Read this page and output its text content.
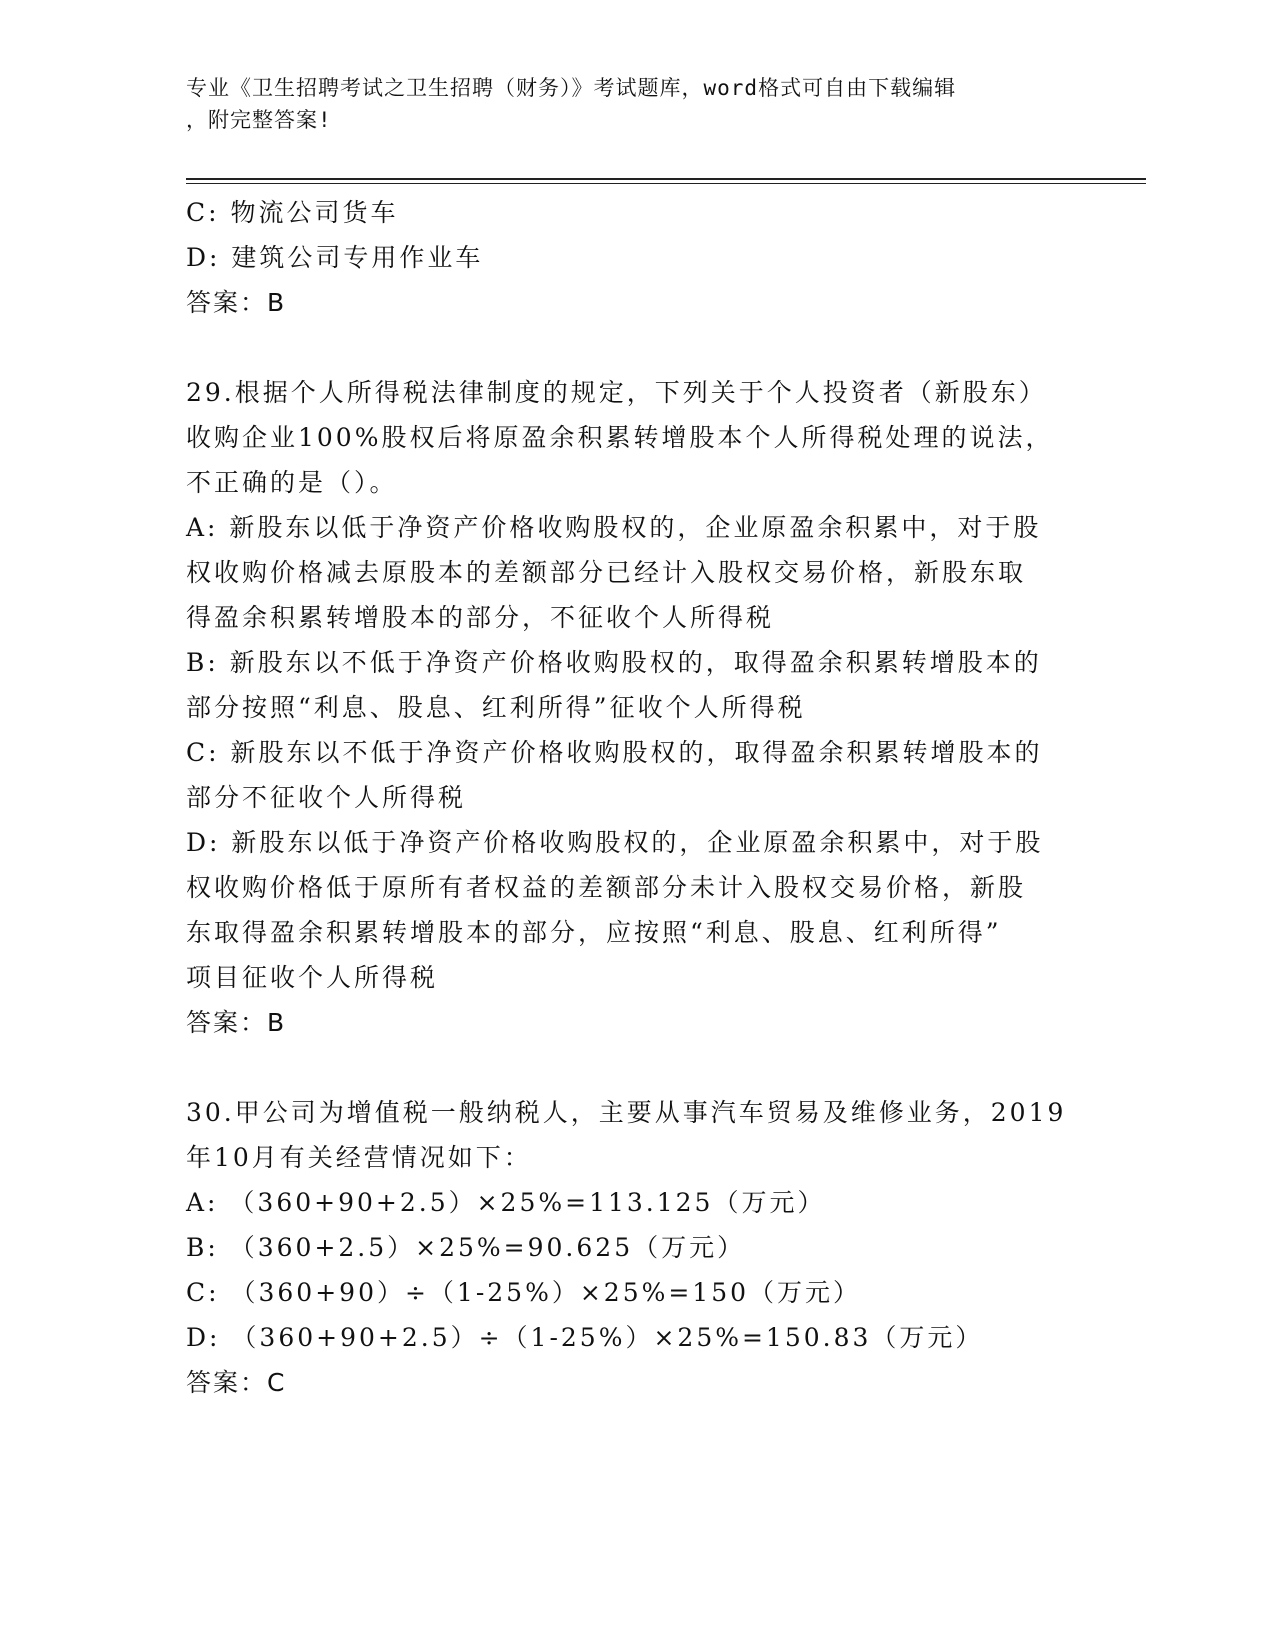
专业《卫生招聘考试之卫生招聘（财务）》考试题库，word格式可自由下载编辑

，附完整答案!

C: 物流公司货车

D: 建筑公司专用作业车

答案：B

29.根据个人所得税法律制度的规定，下列关于个人投资者（新股东）

收购企业100%股权后将原盈余积累转增股本个人所得税处理的说法，

不正确的是（）。

A: 新股东以低于净资产价格收购股权的，企业原盈余积累中，对于股

权收购价格减去原股本的差额部分已经计入股权交易价格，新股东取

得盈余积累转增股本的部分，不征收个人所得税

B: 新股东以不低于净资产价格收购股权的，取得盈余积累转增股本的

部分按照“利息、股息、红利所得”征收个人所得税

C: 新股东以不低于净资产价格收购股权的，取得盈余积累转增股本的

部分不征收个人所得税

D: 新股东以低于净资产价格收购股权的，企业原盈余积累中，对于股

权收购价格低于原所有者权益的差额部分未计入股权交易价格，新股

东取得盈余积累转增股本的部分，应按照“利息、股息、红利所得”

项目征收个人所得税

答案：B

30.甲公司为增值税一般纳税人，主要从事汽车贸易及维修业务，2019

年10月有关经营情况如下：

A: （360+90+2.5）×25%=113.125（万元）

B: （360+2.5）×25%=90.625（万元）

C: （360+90）÷（1-25%）×25%=150（万元）

D: （360+90+2.5）÷（1-25%）×25%=150.83（万元）

答案：C
